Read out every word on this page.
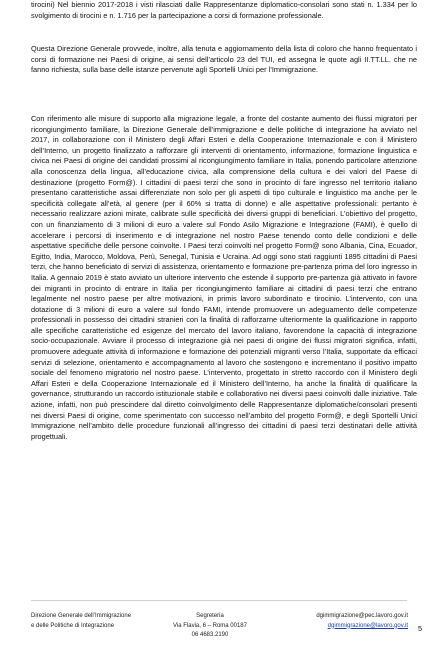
tirocini) Nel biennio 2017-2018 i visti rilasciati dalle Rappresentanze diplomatico-consolari sono stati n. 1.334 per lo svolgimento di tirocini e n. 1.716 per la partecipazione a corsi di formazione professionale.

Questa Direzione Generale provvede, inoltre, alla tenuta e aggiornamento della lista di coloro che hanno frequentato i corsi di formazione nei Paesi di origine, ai sensi dell’articolo 23 del TUI, ed assegna le quote agli II.TT.LL. che ne fanno richiesta, sulla base delle istanze pervenute agli Sportelli Unici per l’Immigrazione.

Con riferimento alle misure di supporto alla migrazione legale, a fronte del costante aumento dei flussi migratori per ricongiungimento familiare, la Direzione Generale dell’immigrazione e delle politiche di integrazione ha avviato nel 2017, in collaborazione con il Ministero degli Affari Esteri e della Cooperazione Internazionale e con il Ministero dell’Interno, un progetto finalizzato a rafforzare gli interventi di orientamento, informazione, formazione linguistica e civica nei Paesi di origine dei candidati prossimi al ricongiungimento familiare in Italia, ponendo particolare attenzione alla conoscenza della lingua, all’educazione civica, alla comprensione della cultura e dei valori del Paese di destinazione (progetto Form@). I cittadini di paesi terzi che sono in procinto di fare ingresso nel territorio italiano presentano caratteristiche assai differenziate non solo per gli aspetti di tipo culturale e linguistico ma anche per le specificità collegate all’età, al genere (per il 60% si tratta di donne) e alle aspettative professionali: pertanto è necessario realizzare azioni mirate, calibrate sulle specificità dei diversi gruppi di beneficiari. L’obiettivo del progetto, con un finanziamento di 3 milioni di euro a valere sul Fondo Asilo Migrazione e Integrazione (FAMI), è quello di accelerare i percorsi di inserimento e di integrazione nel nostro Paese tenendo conto delle condizioni e delle aspettative specifiche delle persone coinvolte. I Paesi terzi coinvolti nel progetto Form@ sono Albania, Cina, Ecuador, Egitto, India, Marocco, Moldova, Perù, Senegal, Tunisia e Ucraina. Ad oggi sono stati raggiunti 1895 cittadini di Paesi terzi, che hanno beneficiato di servizi di assistenza, orientamento e formazione pre-partenza prima del loro ingresso in Italia. A gennaio 2019 è stato avviato un ulteriore intervento che estende il supporto pre-partenza già attivato in favore dei migranti in procinto di entrare in Italia per ricongiungimento familiare ai cittadini di paesi terzi che entrano legalmente nel nostro paese per altre motivazioni, in primis lavoro subordinato e tirocinio. L’intervento, con una dotazione di 3 milioni di euro a valere sul fondo FAMI, intende promuovere un adeguamento delle competenze professionali in possesso dei cittadini stranieri con la finalità di rafforzarne ulteriormente la qualificazione in rapporto alle specifiche caratteristiche ed esigenze del mercato del lavoro italiano, favorendone la capacità di integrazione socio-occupazionale. Avviare il processo di integrazione già nei paesi di origine dei flussi migratori significa, infatti, promuovere adeguate attività di informazione e formazione dei potenziali migranti verso l’Italia, supportate da efficaci servizi di selezione, orientamento e accompagnamento al lavoro che sostengono e incrementano il positivo impatto sociale del fenomeno migratorio nel nostro paese. L’intervento, progettato in stretto raccordo con il Ministero degli Affari Esteri e della Cooperazione Internazionale ed il Ministero dell’Interno, ha anche la finalità di qualificare la governance, strutturando un raccordo istituzionale stabile e collaborativo nei diversi paesi coinvolti dalle iniziative. Tale azione, infatti, non può prescindere dal diretto coinvolgimento delle Rappresentanze diplomatiche/consolari presenti nei diversi Paesi di origine, come sperimentato con successo nell’ambito del progetto Form@, e degli Sportelli Unici Immigrazione nell’ambito delle procedure funzionali all’ingresso dei cittadini di paesi terzi destinatari delle attività progettuali.

5
Direzione Generale dell’Immigrazione
e delle Politiche di Integrazione
Segreteria
Via Flavia, 6 – Roma 00187
06 4683.2190
dgimmigrazione@pec.lavoro.gov.it
dgimmigrazione@lavoro.gov.it
